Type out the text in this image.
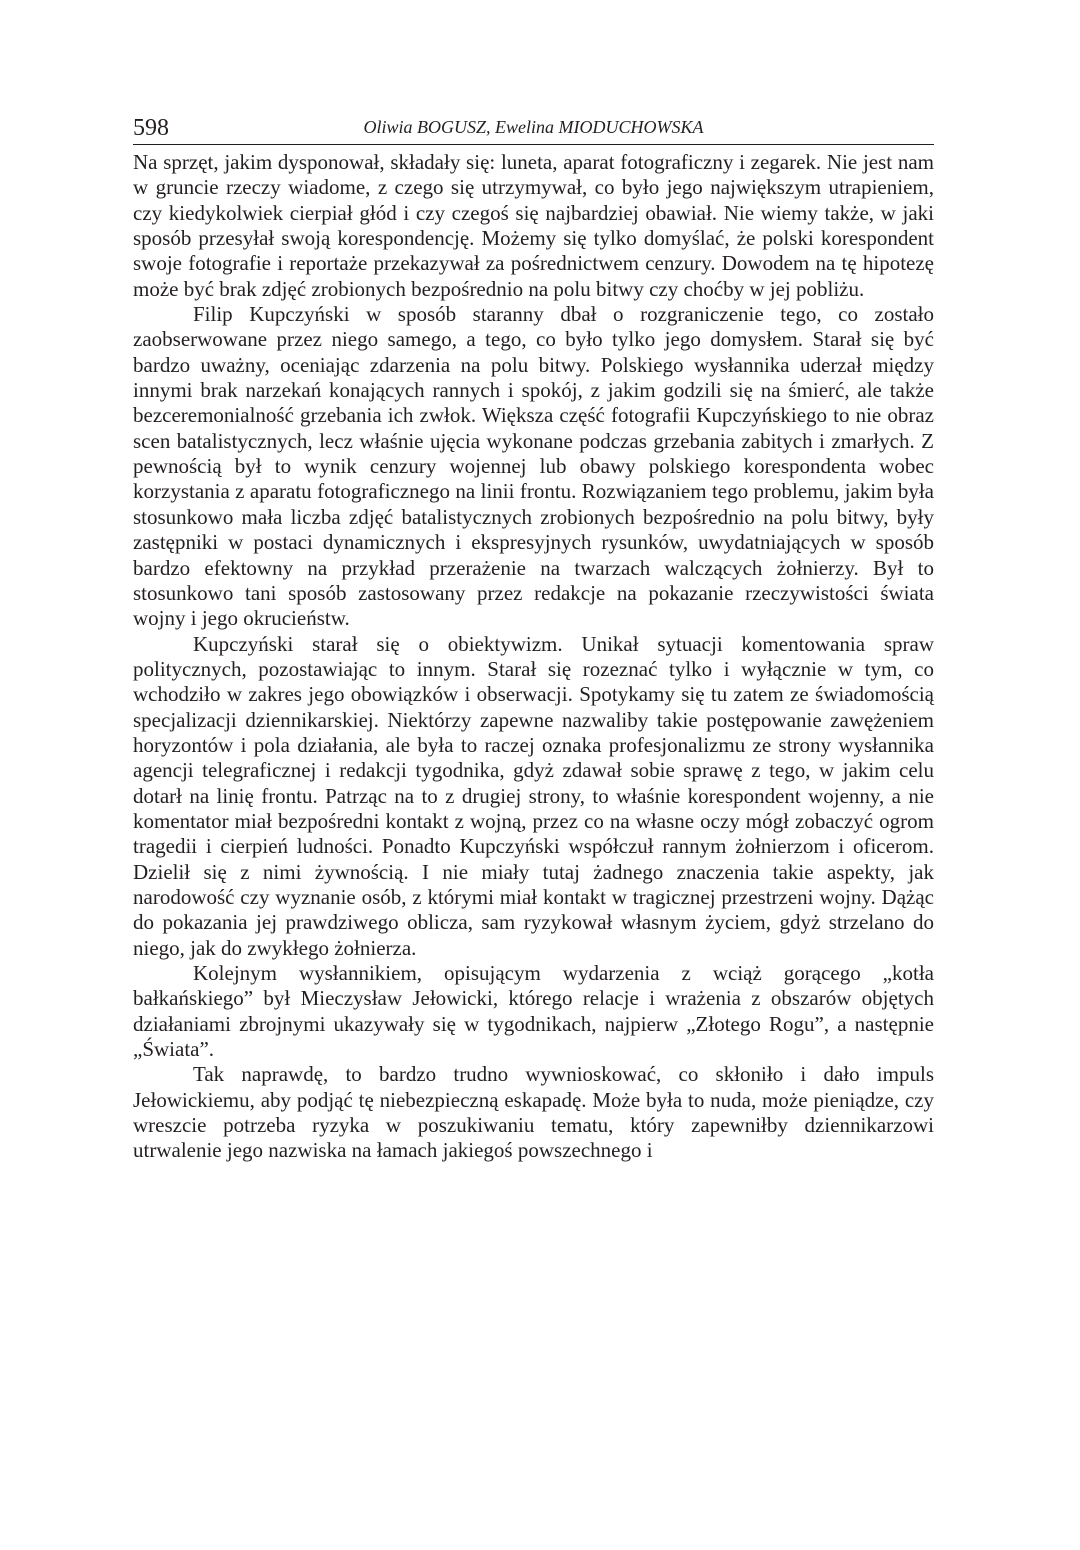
598	Oliwia BOGUSZ, Ewelina MIODUCHOWSKA

Na sprzęt, jakim dysponował, składały się: luneta, aparat fotograficzny i zegarek. Nie jest nam w gruncie rzeczy wiadome, z czego się utrzymywał, co było jego największym utrapieniem, czy kiedykolwiek cierpiał głód i czy czegoś się najbardziej obawiał. Nie wiemy także, w jaki sposób przesyłał swoją korespondencję. Możemy się tylko domyślać, że polski korespondent swoje fotografie i reportaże przekazywał za pośrednictwem cenzury. Dowodem na tę hipotezę może być brak zdjęć zrobionych bezpośrednio na polu bitwy czy choćby w jej pobliżu.

Filip Kupczyński w sposób staranny dbał o rozgraniczenie tego, co zostało zaobserwowane przez niego samego, a tego, co było tylko jego domysłem. Starał się być bardzo uważny, oceniając zdarzenia na polu bitwy. Polskiego wysłannika uderzał między innymi brak narzekań konających rannych i spokój, z jakim godzili się na śmierć, ale także bezceremonialność grzebania ich zwłok. Większa część fotografii Kupczyńskiego to nie obraz scen batalistycznych, lecz właśnie ujęcia wykonane podczas grzebania zabitych i zmarłych. Z pewnością był to wynik cenzury wojennej lub obawy polskiego korespondenta wobec korzystania z aparatu fotograficznego na linii frontu. Rozwiązaniem tego problemu, jakim była stosunkowo mała liczba zdjęć batalistycznych zrobionych bezpośrednio na polu bitwy, były zastępniki w postaci dynamicznych i ekspresyjnych rysunków, uwydatniających w sposób bardzo efektowny na przykład przerażenie na twarzach walczących żołnierzy. Był to stosunkowo tani sposób zastosowany przez redakcje na pokazanie rzeczywistości świata wojny i jego okrucieństw.

Kupczyński starał się o obiektywizm. Unikał sytuacji komentowania spraw politycznych, pozostawiając to innym. Starał się rozeznać tylko i wyłącznie w tym, co wchodziło w zakres jego obowiązków i obserwacji. Spotykamy się tu zatem ze świadomością specjalizacji dziennikarskiej. Niektórzy zapewne nazwaliby takie postępowanie zawężeniem horyzontów i pola działania, ale była to raczej oznaka profesjonalizmu ze strony wysłannika agencji telegraficznej i redakcji tygodnika, gdyż zdawał sobie sprawę z tego, w jakim celu dotarł na linię frontu. Patrząc na to z drugiej strony, to właśnie korespondent wojenny, a nie komentator miał bezpośredni kontakt z wojną, przez co na własne oczy mógł zobaczyć ogrom tragedii i cierpień ludności. Ponadto Kupczyński współczuł rannym żołnierzom i oficerom. Dzielił się z nimi żywnością. I nie miały tutaj żadnego znaczenia takie aspekty, jak narodowość czy wyznanie osób, z którymi miał kontakt w tragicznej przestrzeni wojny. Dążąc do pokazania jej prawdziwego oblicza, sam ryzykował własnym życiem, gdyż strzelano do niego, jak do zwykłego żołnierza.

Kolejnym wysłannikiem, opisującym wydarzenia z wciąż gorącego „kotła bałkańskiego” był Mieczysław Jełowicki, którego relacje i wrażenia z obszarów objętych działaniami zbrojnymi ukazywały się w tygodnikach, najpierw „Złotego Rogu”, a następnie „Świata”.

Tak naprawdę, to bardzo trudno wywnioskować, co skłoniło i dało impuls Jełowickiemu, aby podjąć tę niebezpieczną eskapadę. Może była to nuda, może pieniądze, czy wreszcie potrzeba ryzyka w poszukiwaniu tematu, który zapewniłby dziennikarzowi utrwalenie jego nazwiska na łamach jakiegoś powszechnego i
